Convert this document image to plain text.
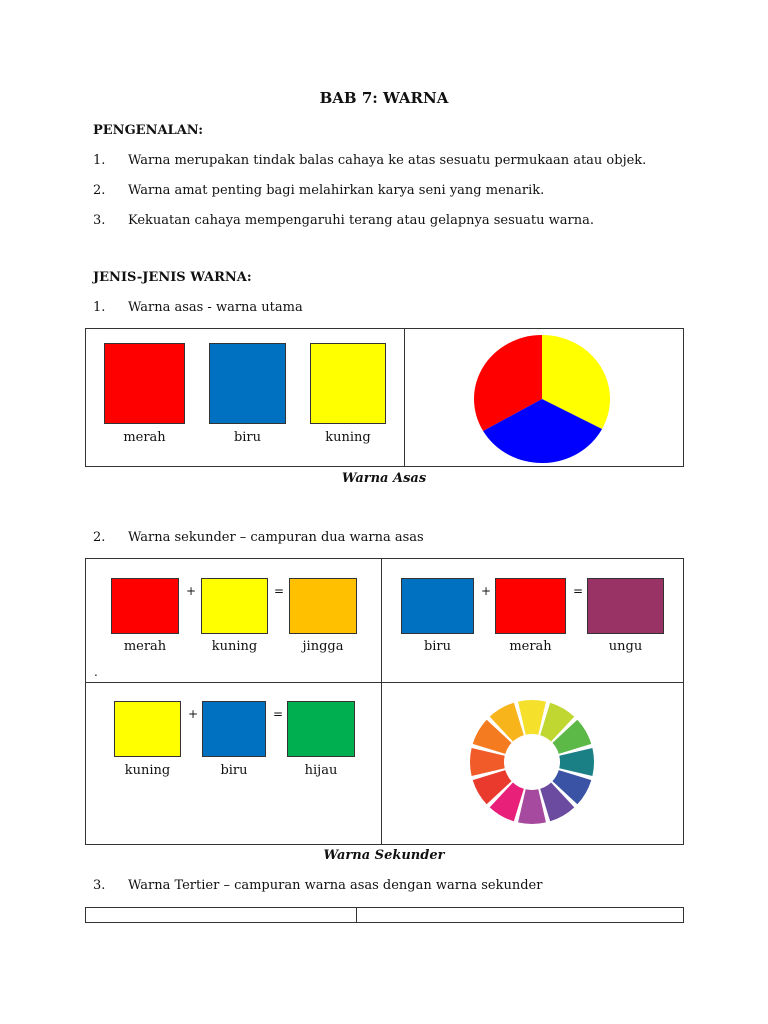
BAB 7: WARNA
PENGENALAN:
1. Warna merupakan tindak balas cahaya ke atas sesuatu permukaan atau objek.
2. Warna amat penting bagi melahirkan karya seni yang menarik.
3. Kekuatan cahaya mempengaruhi terang atau gelapnya sesuatu warna.
JENIS-JENIS WARNA:
1. Warna asas - warna utama
merah	biru	kuning
Warna Asas
2. Warna sekunder – campuran dua warna asas
+	=
merah	kuning	jingga
.
+	=
biru	merah	ungu
+	=
kuning	biru	hijau
Warna Sekunder
3. Warna Tertier – campuran warna asas dengan warna sekunder
